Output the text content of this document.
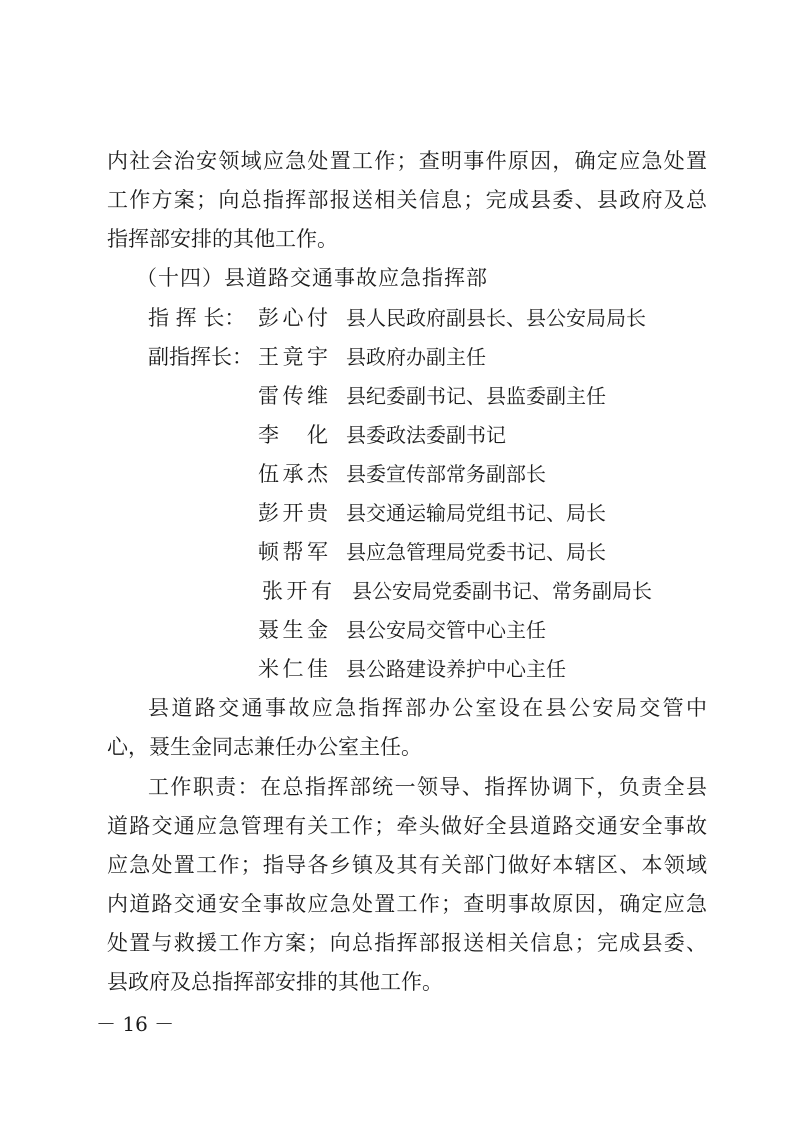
内社会治安领域应急处置工作；查明事件原因，确定应急处置
工作方案；向总指挥部报送相关信息；完成县委、县政府及总
指挥部安排的其他工作。
（十四）县道路交通事故应急指挥部
指 挥 长： 彭心付 县人民政府副县长、县公安局局长
副指挥长： 王竟宇 县政府办副主任
雷传维 县纪委副书记、县监委副主任
李 化 县委政法委副书记
伍承杰 县委宣传部常务副部长
彭开贵 县交通运输局党组书记、局长
顿帮军 县应急管理局党委书记、局长
张开有 县公安局党委副书记、常务副局长
聂生金 县公安局交管中心主任
米仁佳 县公路建设养护中心主任
县道路交通事故应急指挥部办公室设在县公安局交管中
心，聂生金同志兼任办公室主任。
工作职责：在总指挥部统一领导、指挥协调下，负责全县
道路交通应急管理有关工作；牵头做好全县道路交通安全事故
应急处置工作；指导各乡镇及其有关部门做好本辖区、本领域
内道路交通安全事故应急处置工作；查明事故原因，确定应急
处置与救援工作方案；向总指挥部报送相关信息；完成县委、
县政府及总指挥部安排的其他工作。
－ 16 －
